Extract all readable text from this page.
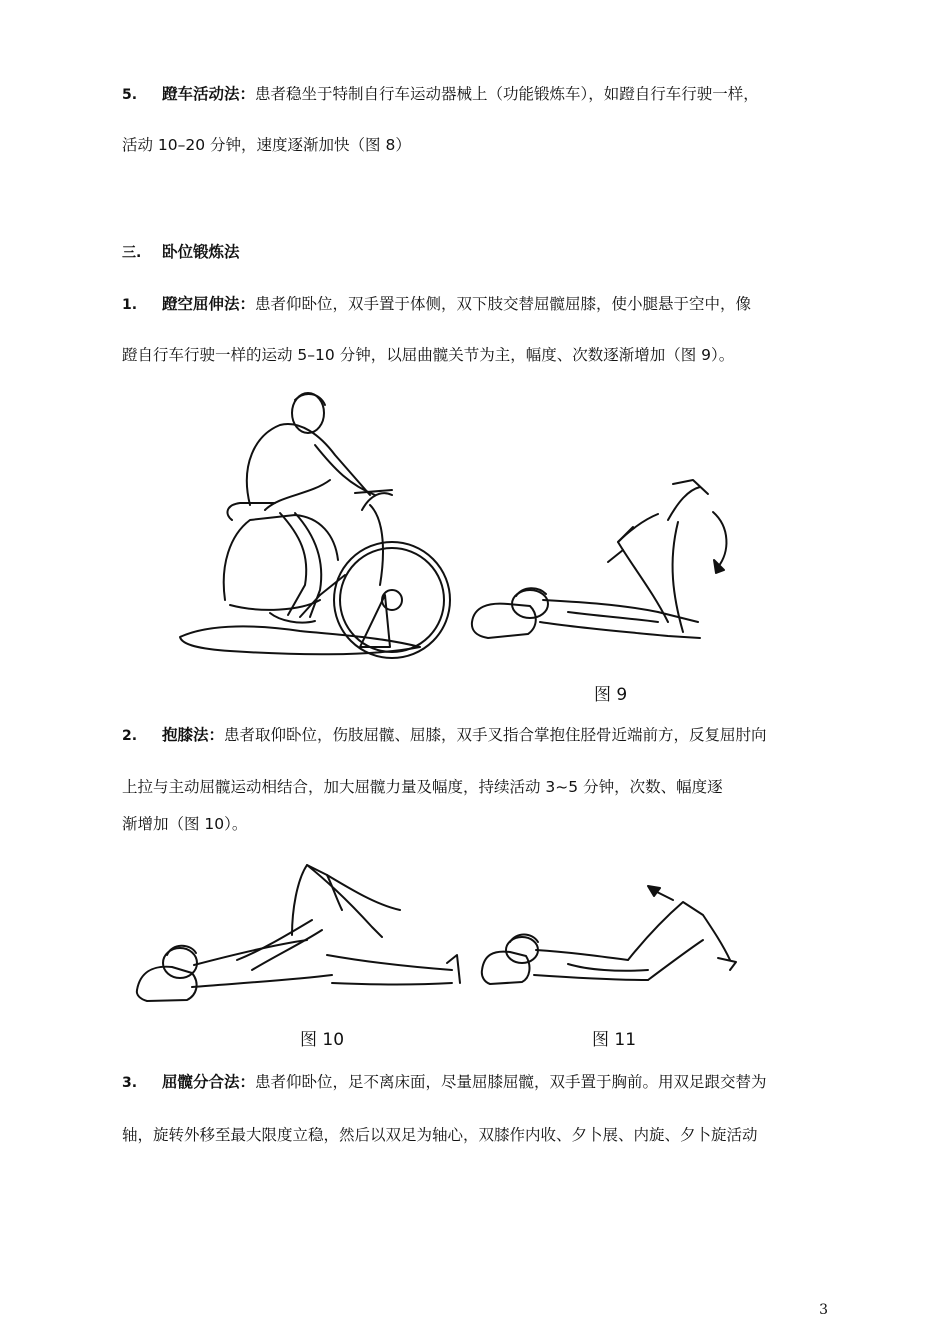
5. 蹬车活动法：患者稳坐于特制自行车运动器械上（功能锻炼车），如蹬自行车行驶一样，
活动 10–20 分钟，速度逐渐加快（图 8）
三. 卧位锻炼法
1. 蹬空屈伸法：患者仰卧位，双手置于体侧，双下肢交替屈髋屈膝，使小腿悬于空中，像
蹬自行车行驶一样的运动 5–10 分钟，以屈曲髋关节为主，幅度、次数逐渐增加（图 9）。
图 9
2. 抱膝法：患者取仰卧位，伤肢屈髋、屈膝，双手叉指合掌抱住胫骨近端前方，反复屈肘向
上拉与主动屈髋运动相结合，加大屈髋力量及幅度，持续活动 3~5 分钟，次数、幅度逐
渐增加（图 10）。
图 10	图 11
3. 屈髋分合法：患者仰卧位，足不离床面，尽量屈膝屈髋，双手置于胸前。用双足跟交替为
轴，旋转外移至最大限度立稳，然后以双足为轴心，双膝作内收、夕卜展、内旋、夕卜旋活动
3
